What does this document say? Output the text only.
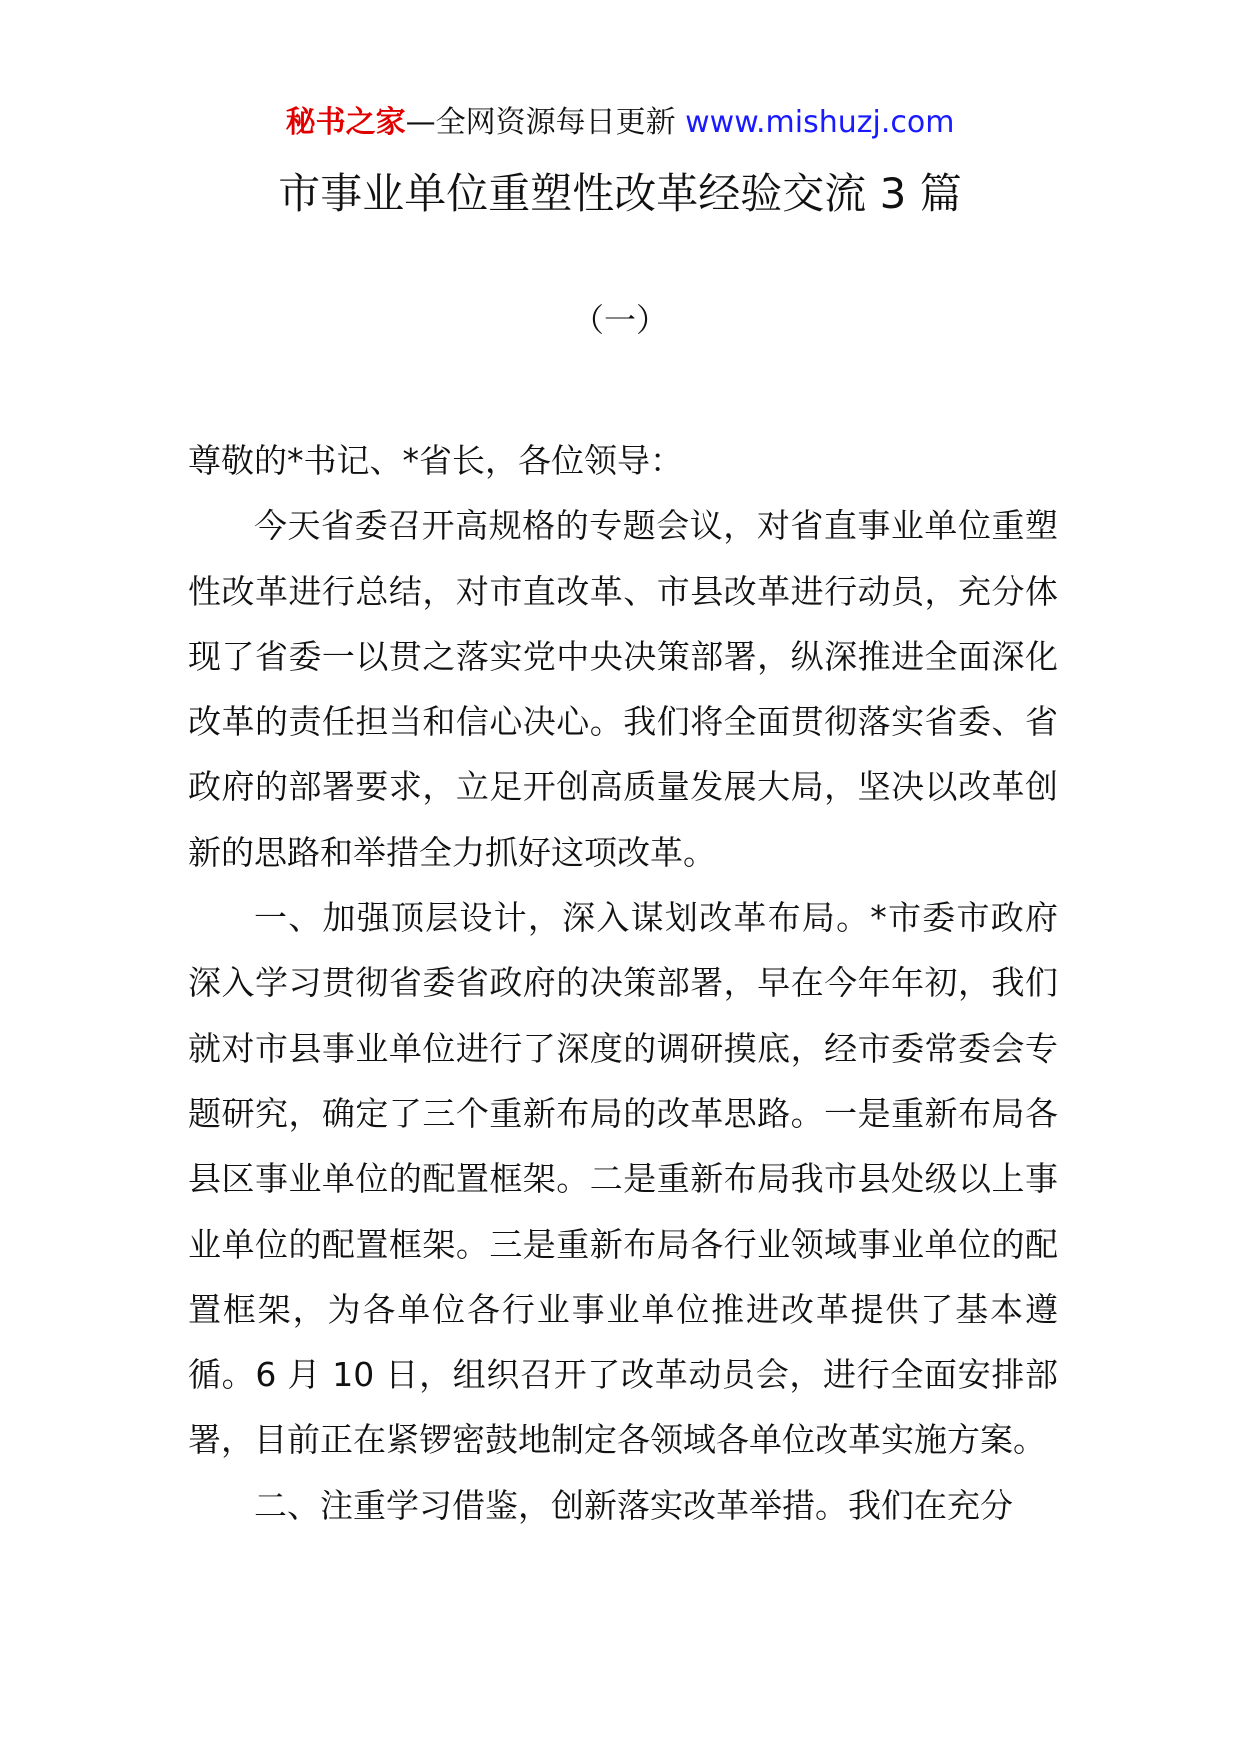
秘书之家—全网资源每日更新 www.mishuzj.com
市事业单位重塑性改革经验交流 3 篇
（一）

尊敬的*书记、*省长，各位领导：

今天省委召开高规格的专题会议，对省直事业单位重塑性改革进行总结，对市直改革、市县改革进行动员，充分体现了省委一以贯之落实党中央决策部署，纵深推进全面深化改革的责任担当和信心决心。我们将全面贯彻落实省委、省政府的部署要求，立足开创高质量发展大局，坚决以改革创新的思路和举措全力抓好这项改革。

一、加强顶层设计，深入谋划改革布局。*市委市政府深入学习贯彻省委省政府的决策部署，早在今年年初，我们就对市县事业单位进行了深度的调研摸底，经市委常委会专题研究，确定了三个重新布局的改革思路。一是重新布局各县区事业单位的配置框架。二是重新布局我市县处级以上事业单位的配置框架。三是重新布局各行业领域事业单位的配置框架，为各单位各行业事业单位推进改革提供了基本遵循。6 月 10 日，组织召开了改革动员会，进行全面安排部署，目前正在紧锣密鼓地制定各领域各单位改革实施方案。

二、注重学习借鉴，创新落实改革举措。我们在充分
